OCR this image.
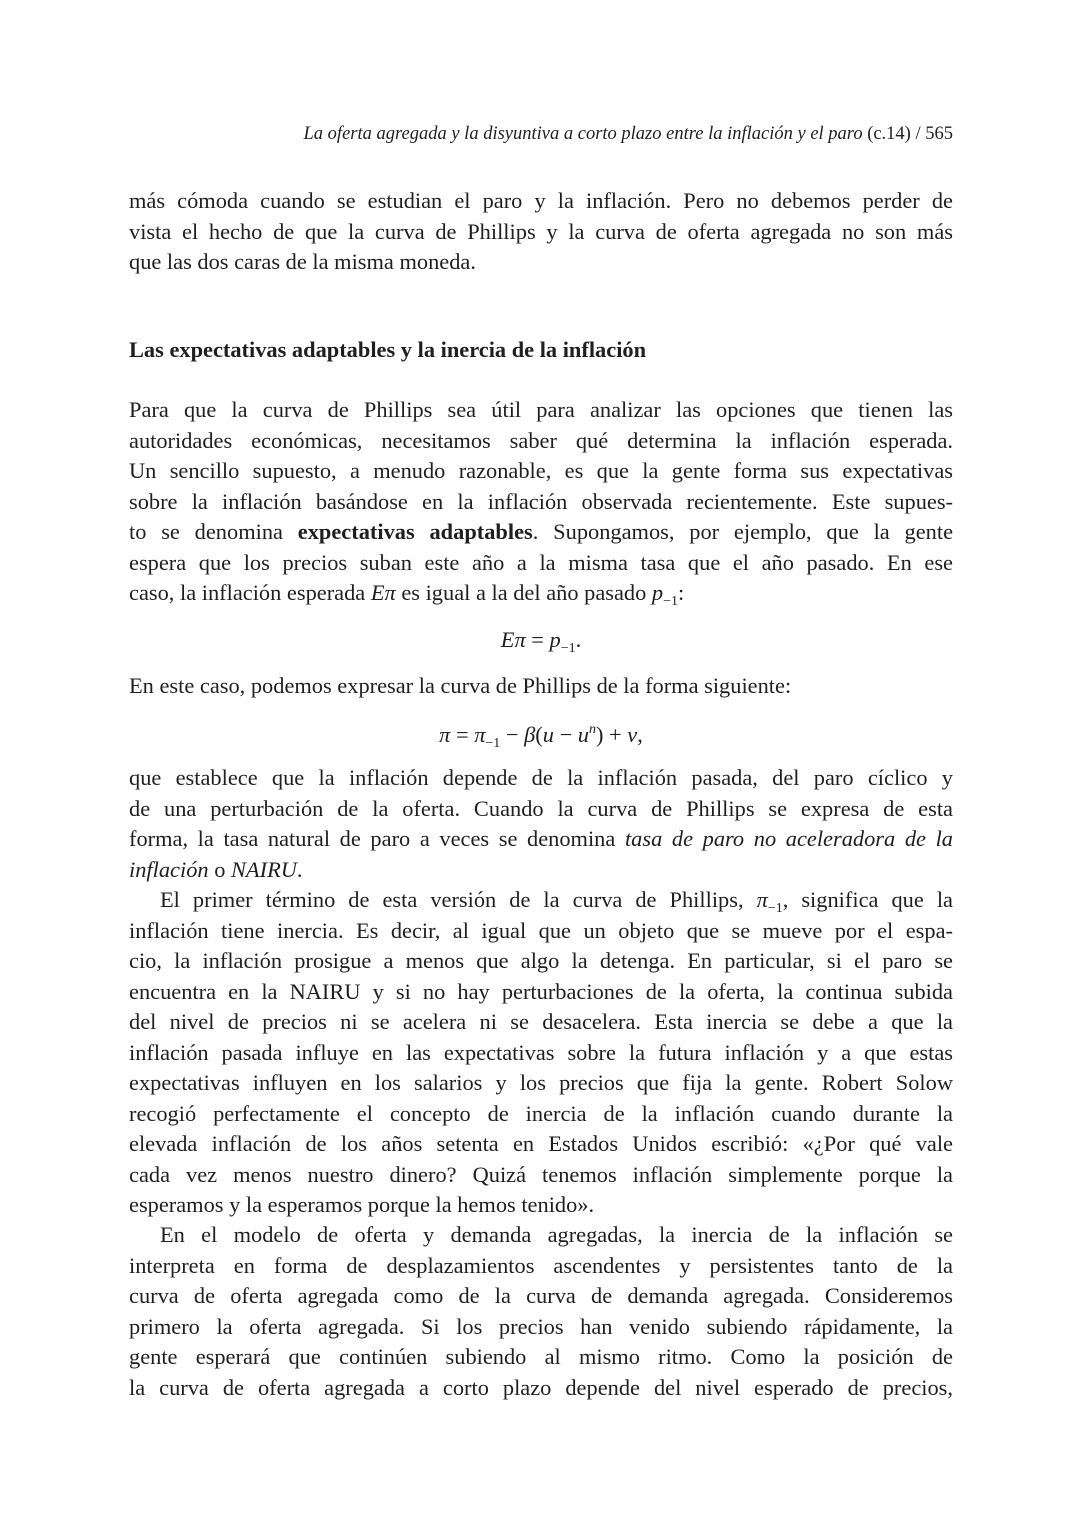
La oferta agregada y la disyuntiva a corto plazo entre la inflación y el paro (c.14) / 565
más cómoda cuando se estudian el paro y la inflación. Pero no debemos perder de
vista el hecho de que la curva de Phillips y la curva de oferta agregada no son más
que las dos caras de la misma moneda.
Las expectativas adaptables y la inercia de la inflación
Para que la curva de Phillips sea útil para analizar las opciones que tienen las
autoridades económicas, necesitamos saber qué determina la inflación esperada.
Un sencillo supuesto, a menudo razonable, es que la gente forma sus expectativas
sobre la inflación basándose en la inflación observada recientemente. Este supues-
to se denomina expectativas adaptables. Supongamos, por ejemplo, que la gente
espera que los precios suban este año a la misma tasa que el año pasado. En ese
caso, la inflación esperada Eπ es igual a la del año pasado $p_{-1}$:
$E\pi = p_{-1}$.
En este caso, podemos expresar la curva de Phillips de la forma siguiente:
$\pi = \pi_{-1} - \beta(u - u^n) + v$,
que establece que la inflación depende de la inflación pasada, del paro cíclico y
de una perturbación de la oferta. Cuando la curva de Phillips se expresa de esta
forma, la tasa natural de paro a veces se denomina tasa de paro no aceleradora de la
inflación o NAIRU.
El primer término de esta versión de la curva de Phillips, $\pi_{-1}$, significa que la
inflación tiene inercia. Es decir, al igual que un objeto que se mueve por el espa-
cio, la inflación prosigue a menos que algo la detenga. En particular, si el paro se
encuentra en la NAIRU y si no hay perturbaciones de la oferta, la continua subida
del nivel de precios ni se acelera ni se desacelera. Esta inercia se debe a que la
inflación pasada influye en las expectativas sobre la futura inflación y a que estas
expectativas influyen en los salarios y los precios que fija la gente. Robert Solow
recogió perfectamente el concepto de inercia de la inflación cuando durante la
elevada inflación de los años setenta en Estados Unidos escribió: «¿Por qué vale
cada vez menos nuestro dinero? Quizá tenemos inflación simplemente porque la
esperamos y la esperamos porque la hemos tenido».
En el modelo de oferta y demanda agregadas, la inercia de la inflación se
interpreta en forma de desplazamientos ascendentes y persistentes tanto de la
curva de oferta agregada como de la curva de demanda agregada. Consideremos
primero la oferta agregada. Si los precios han venido subiendo rápidamente, la
gente esperará que continúen subiendo al mismo ritmo. Como la posición de
la curva de oferta agregada a corto plazo depende del nivel esperado de precios,
